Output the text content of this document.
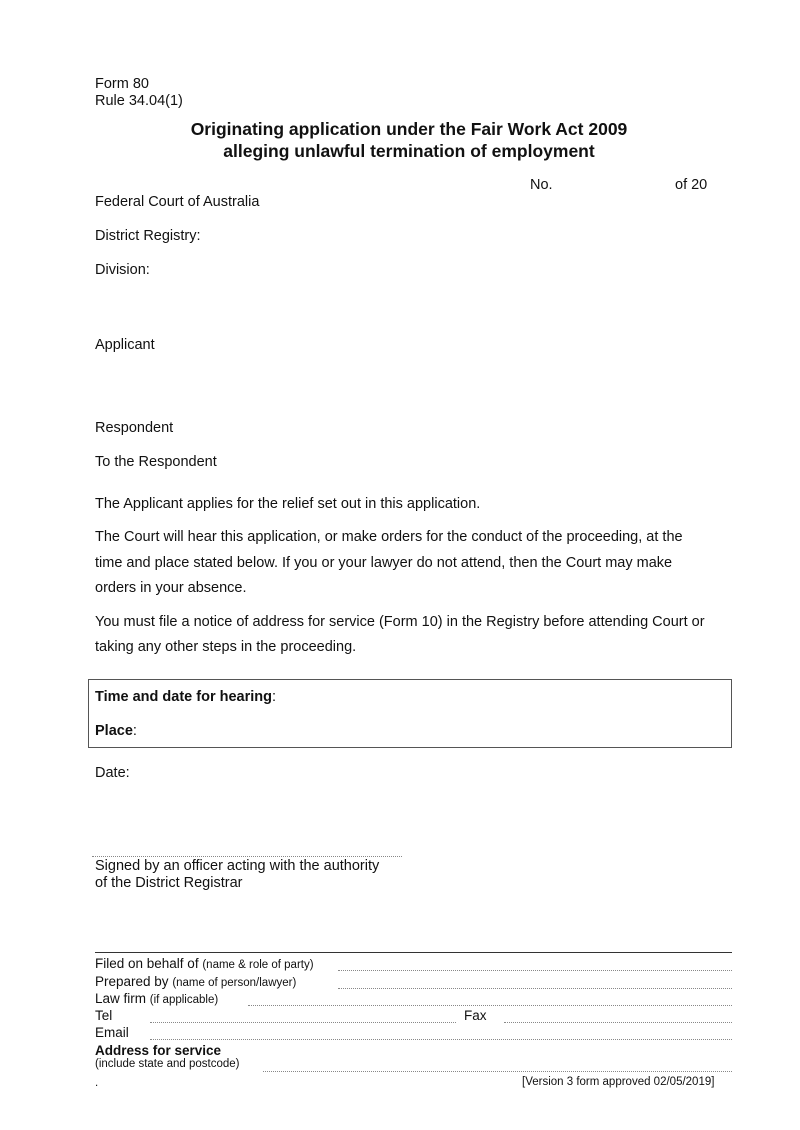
Form 80
Rule 34.04(1)
Originating application under the Fair Work Act 2009
alleging unlawful termination of employment
No.	of 20
Federal Court of Australia
District Registry:
Division:
Applicant
Respondent
To the Respondent
The Applicant applies for the relief set out in this application.
The Court will hear this application, or make orders for the conduct of the proceeding, at the
time and place stated below. If you or your lawyer do not attend, then the Court may make
orders in your absence.
You must file a notice of address for service (Form 10) in the Registry before attending Court or
taking any other steps in the proceeding.
Time and date for hearing:
Place:
Date:
Signed by an officer acting with the authority
of the District Registrar
Filed on behalf of (name & role of party)
Prepared by (name of person/lawyer)
Law firm (if applicable)
Tel	Fax
Email
Address for service
(include state and postcode)
.	[Version 3 form approved 02/05/2019]
